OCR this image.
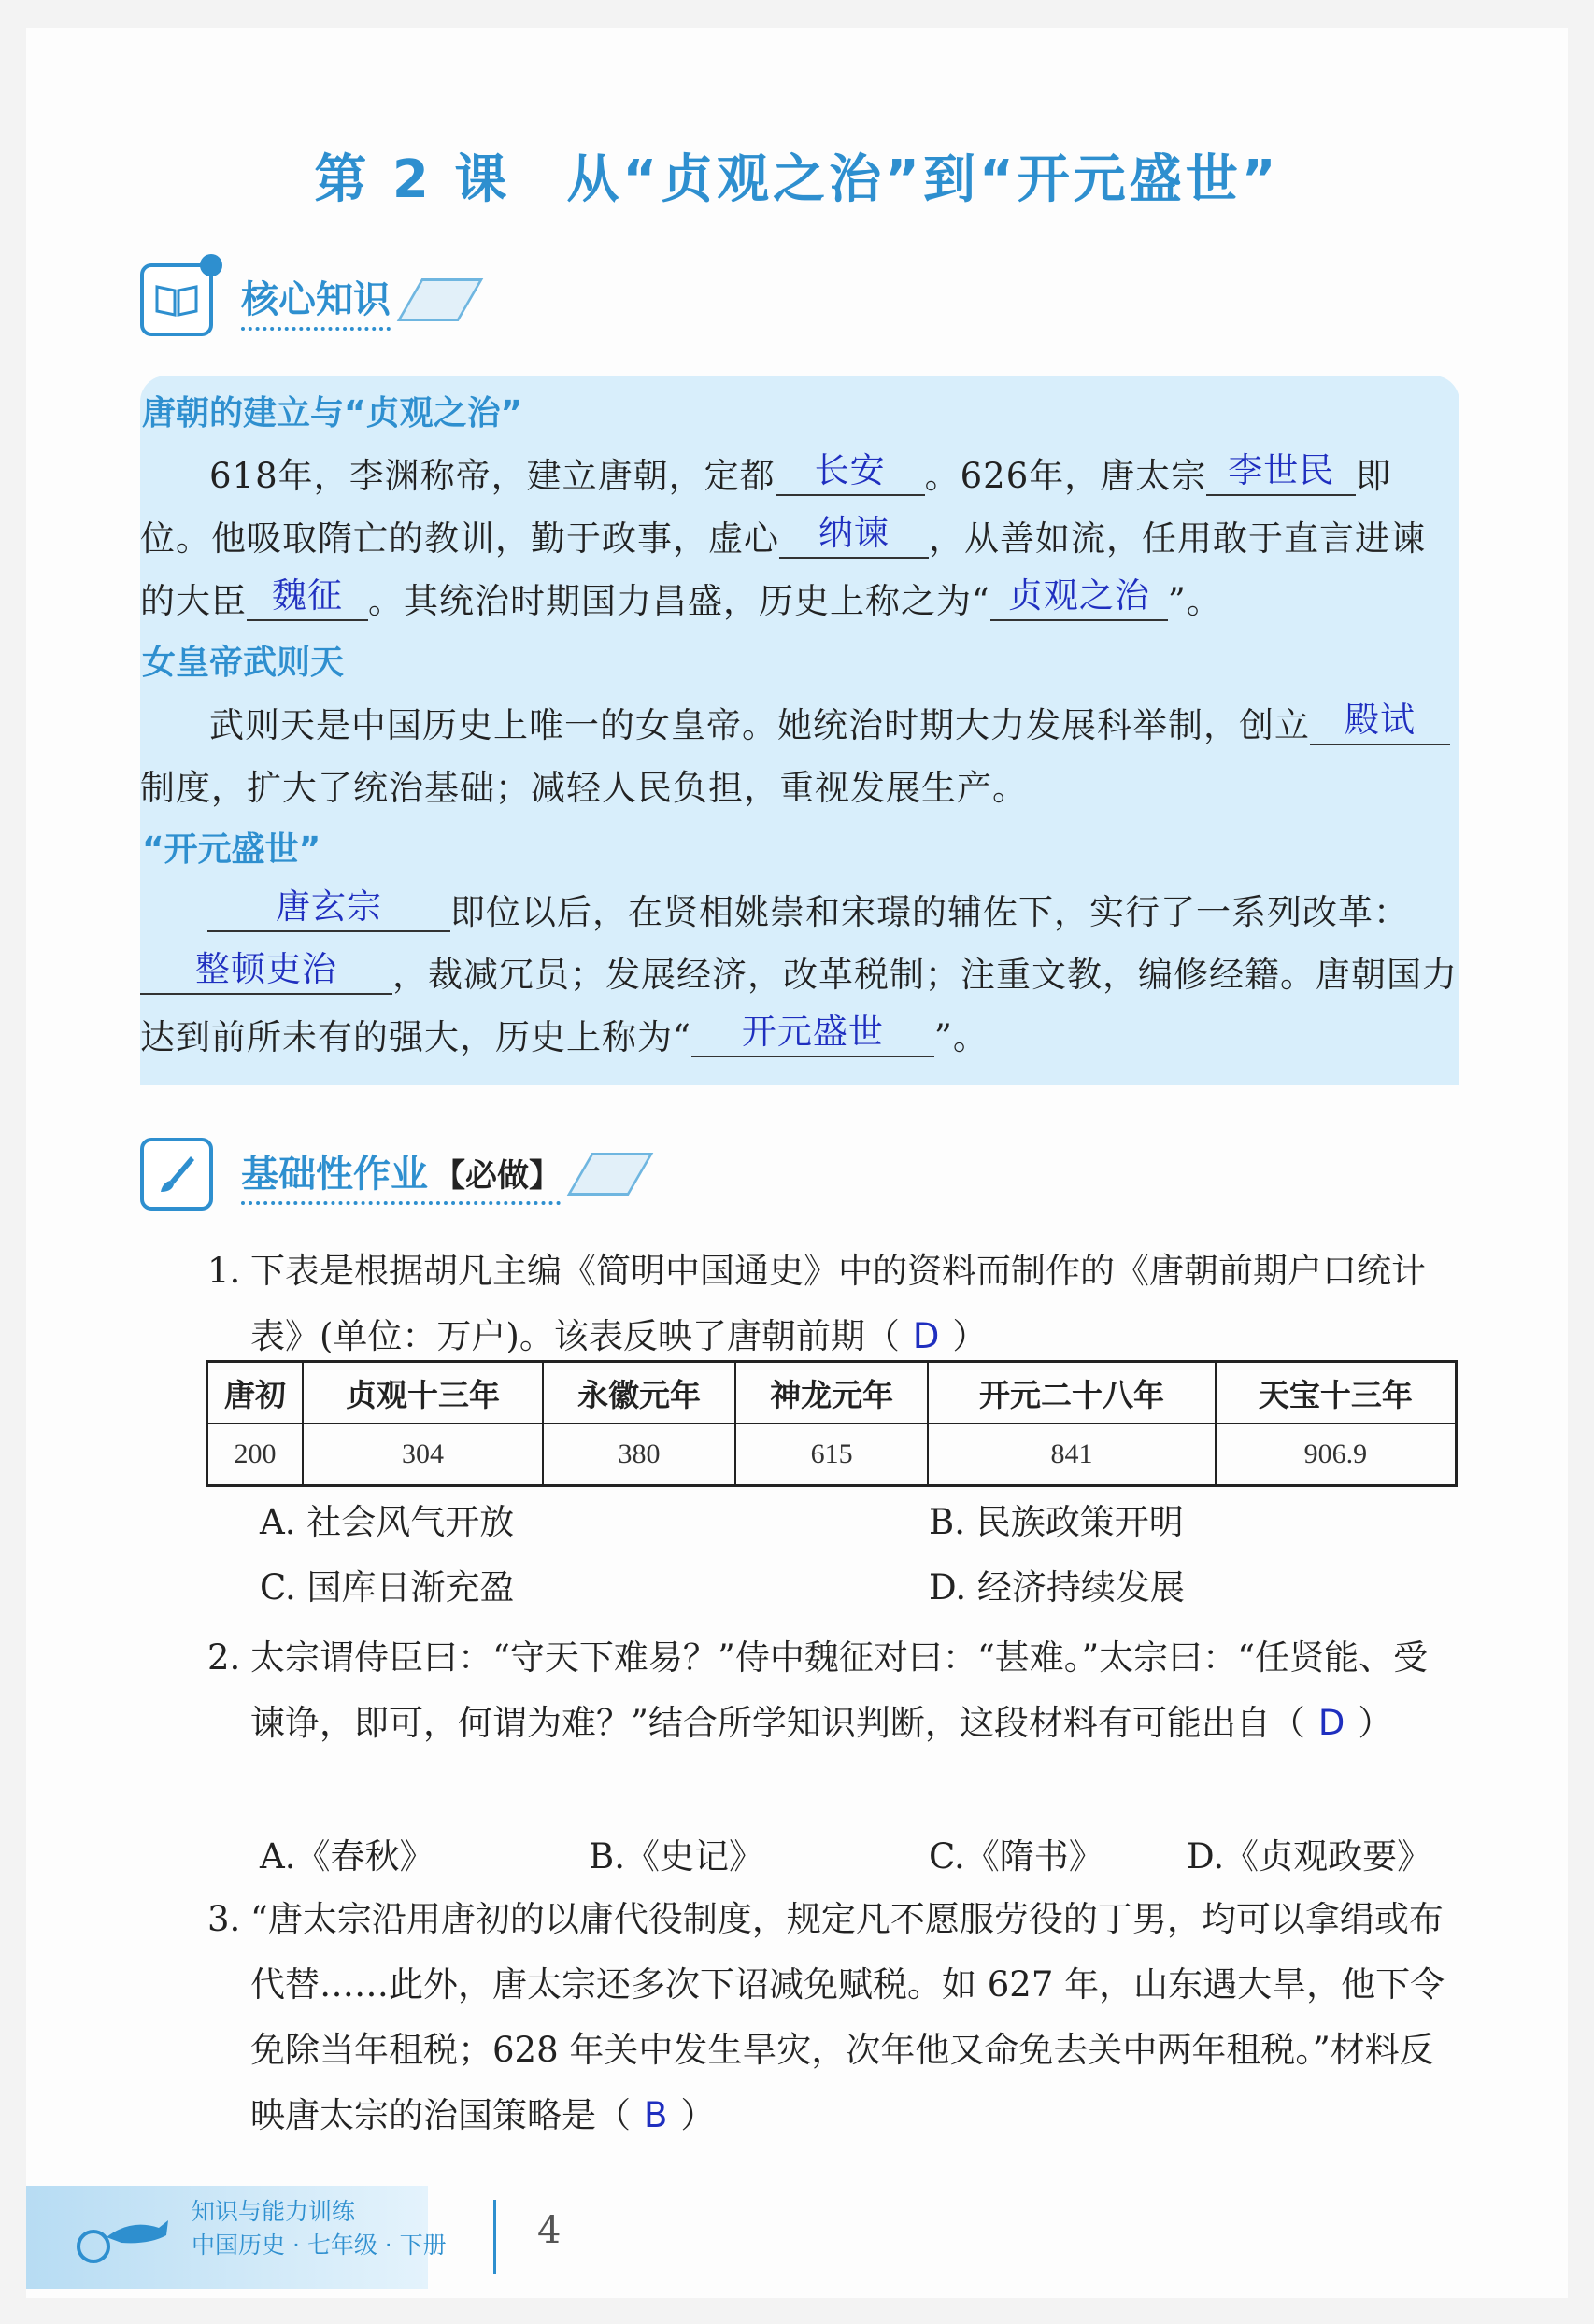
第 2 课　从“贞观之治”到“开元盛世”
核心知识
唐朝的建立与“贞观之治”
618年，李渊称帝，建立唐朝，定都 长安 。626年，唐太宗 李世民 即位。他吸取隋亡的教训，勤于政事，虚心 纳谏 ，从善如流，任用敢于直言进谏的大臣 魏征 。其统治时期国力昌盛，历史上称之为“ 贞观之治 ”。
女皇帝武则天
武则天是中国历史上唯一的女皇帝。她统治时期大力发展科举制，创立 殿试制度，扩大了统治基础；减轻人民负担，重视发展生产。
“开元盛世”
唐玄宗 即位以后，在贤相姚崇和宋璟的辅佐下，实行了一系列改革：整顿吏治 ，裁减冗员；发展经济，改革税制；注重文教，编修经籍。唐朝国力达到前所未有的强大，历史上称为“ 开元盛世 ”。
基础性作业 【必做】
1. 下表是根据胡凡主编《简明中国通史》中的资料而制作的《唐朝前期户口统计表》(单位：万户)。该表反映了唐朝前期（ D ）
唐初	贞观十三年	永徽元年	神龙元年	开元二十八年	天宝十三年
200	304	380	615	841	906.9
A. 社会风气开放	B. 民族政策开明
C. 国库日渐充盈	D. 经济持续发展
2. 太宗谓侍臣曰：“守天下难易？”侍中魏征对曰：“甚难。”太宗曰：“任贤能、受谏诤，即可，何谓为难？”结合所学知识判断，这段材料有可能出自（ D ）
A.《春秋》	B.《史记》	C.《隋书》 D.《贞观政要》
3. “唐太宗沿用唐初的以庸代役制度，规定凡不愿服劳役的丁男，均可以拿绢或布代替……此外，唐太宗还多次下诏减免赋税。如 627 年，山东遇大旱，他下令免除当年租税；628 年关中发生旱灾，次年他又命免去关中两年租税。”材料反映唐太宗的治国策略是（ B ）
知识与能力训练
中国历史 · 七年级 · 下册 4
